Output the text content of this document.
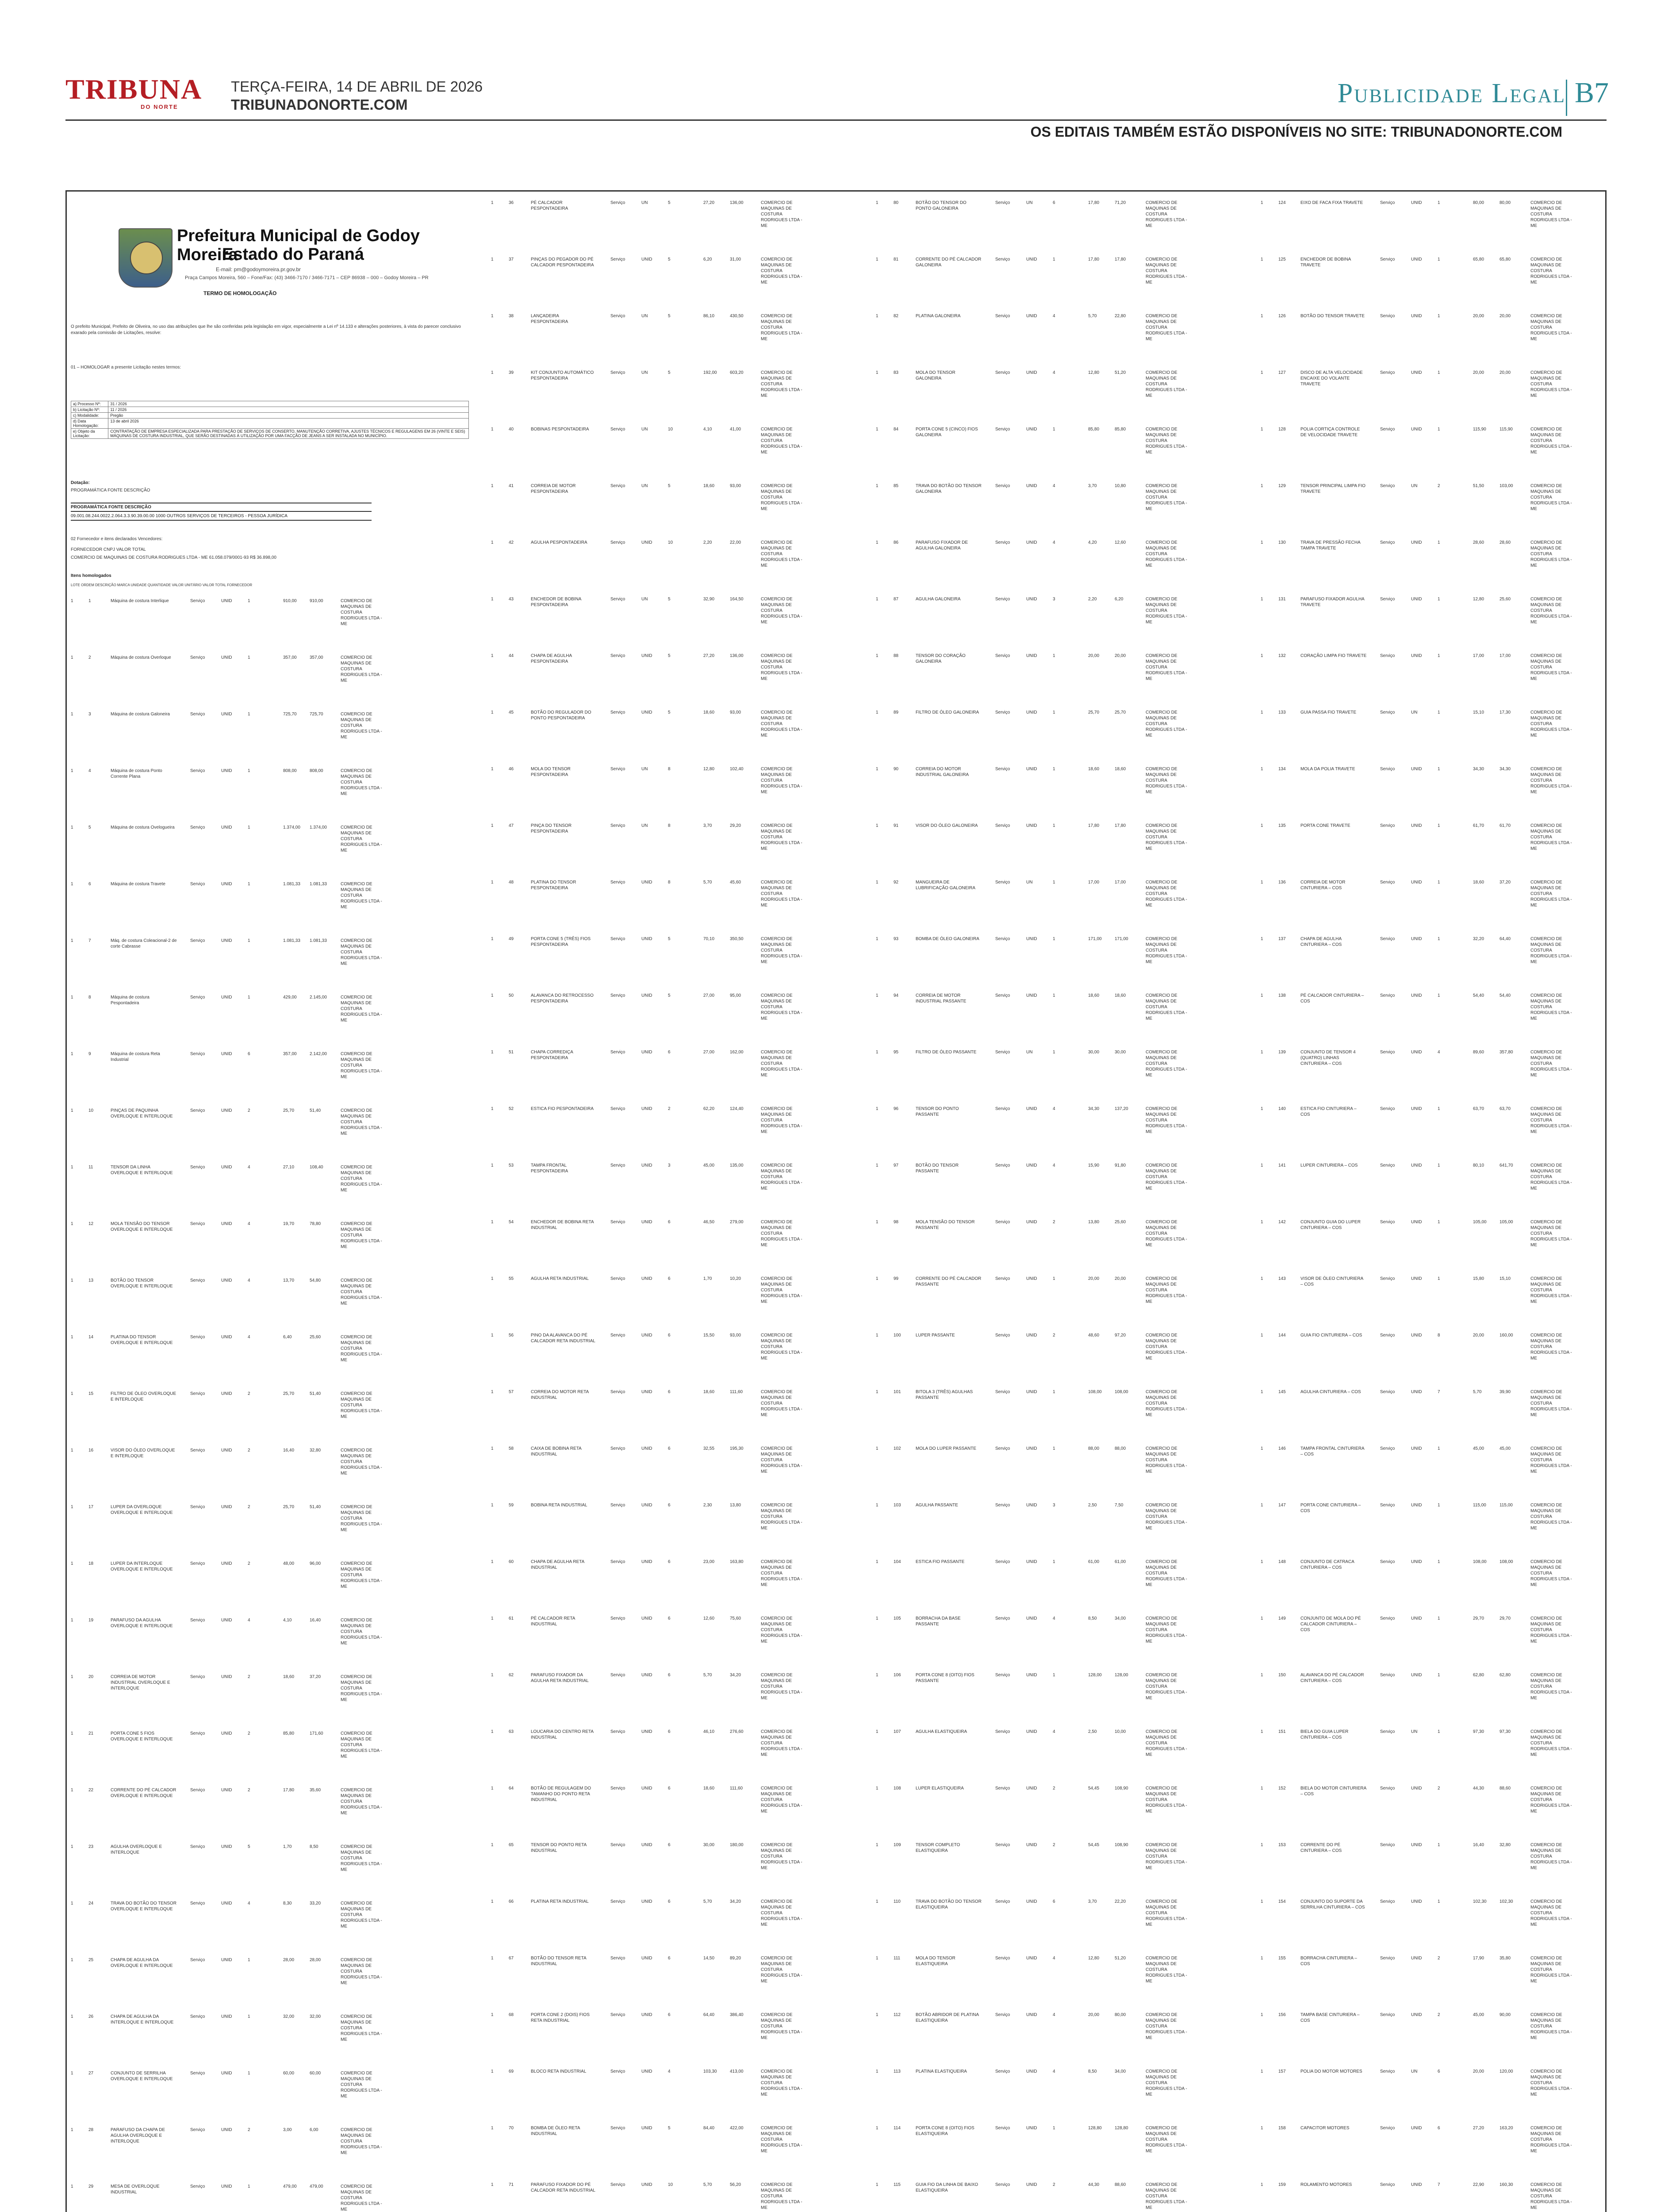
TRIBUNA
DO NORTE
TERÇA-FEIRA, 14 DE ABRIL DE 2026
TRIBUNADONORTE.COM	Publicidade Legal B7
OS EDITAIS TAMBÉM ESTÃO DISPONÍVEIS NO SITE: TRIBUNADONORTE.COM
Prefeitura Municipal de Godoy Moreira
Estado do Paraná
E-mail: pm@godoymoreira.pr.gov.br
Praça Campos Moreira, 560 – Fone/Fax: (43) 3466-7170 / 3466-7171 – CEP 86938 – 000 – Godoy Moreira – PR
TERMO DE HOMOLOGAÇÃO
O prefeito Municipal, Prefeito de Oliveira, no uso das atribuições que lhe são conferidas pela legislação em vigor, especialmente a Lei nº 14.133 e alterações posteriores, à vista do parecer conclusivo exarado pela comissão de Licitações, resolve:
01 – HOMOLOGAR a presente Licitação nestes termos:
a) Processo Nº:	31 / 2026
b) Licitação Nº:	11 / 2026
c) Modalidade:	Pregão
d) Data Homologação:	13 de abril 2026
e) Objeto da Licitação:	CONTRATAÇÃO DE EMPRESA ESPECIALIZADA PARA PRESTAÇÃO DE SERVIÇOS DE CONSERTO, MANUTENÇÃO CORRETIVA, AJUSTES TÉCNICOS E REGULAGENS EM 26 (VINTE E SEIS) MÁQUINAS DE COSTURA INDUSTRIAL, QUE SERÃO DESTINADAS À UTILIZAÇÃO POR UMA FACÇÃO DE JEANS A SER INSTALADA NO MUNICÍPIO.
Dotação:
PROGRAMÁTICA FONTE DESCRIÇÃO
PROGRAMÁTICA FONTE DESCRIÇÃO
09.001.08.244.0022.2.064.3.3.90.39.00.00 1000 OUTROS SERVIÇOS DE TERCEIROS - PESSOA JURÍDICA
02 Fornecedor e itens declarados Vencedores:
FORNECEDOR CNPJ VALOR TOTAL
COMERCIO DE MAQUINAS DE COSTURA RODRIGUES LTDA - ME 61.058.079/0001-93 R$ 36.898,00
Itens homologados
LOTE ORDEM DESCRIÇÃO MARCA UNIDADE QUANTIDADE VALOR UNITÁRIO VALOR TOTAL FORNECEDOR
1	1	Máquina de costura Interlique	Serviço	UNID	1	910,00	910,00	COMERCIO DE MAQUINAS DE COSTURA RODRIGUES LTDA - ME
1	2	Máquina de costura Overloque	Serviço	UNID	1	357,00	357,00	COMERCIO DE MAQUINAS DE COSTURA RODRIGUES LTDA - ME
1	3	Máquina de costura Galoneira	Serviço	UNID	1	725,70	725,70	COMERCIO DE MAQUINAS DE COSTURA RODRIGUES LTDA - ME
1	4	Máquina de costura Ponto Corrente Plana
Serviço	UNID	1	808,00	808,00	COMERCIO DE MAQUINAS DE COSTURA RODRIGUES LTDA - ME
1	5	Máquina de costura Ovelogueira	Serviço	UNID	1	1.374,00	1.374,00	COMERCIO DE MAQUINAS DE COSTURA RODRIGUES LTDA - ME
1	6	Máquina de costura Travete	Serviço	UNID	1	1.081,33	1.081,33	COMERCIO DE MAQUINAS DE COSTURA RODRIGUES LTDA - ME
1	7	Máq. de costura Coleacional-2 de corte Cabrasse
Serviço	UNID	1	1.081,33	1.081,33	COMERCIO DE MAQUINAS DE COSTURA RODRIGUES LTDA - ME
1	8	Máquina de costura Pespontadeira
Serviço	UNID	1	429,00	2.145,00	COMERCIO DE MAQUINAS DE COSTURA RODRIGUES LTDA - ME
1	9	Máquina de costura Reta Industrial
Serviço	UNID	6	357,00	2.142,00	COMERCIO DE MAQUINAS DE COSTURA RODRIGUES LTDA - ME
1	10	PINÇAS DE PAQUINHA OVERLOQUE E INTERLOQUE
Serviço	UNID	2	25,70	51,40	COMERCIO DE MAQUINAS DE COSTURA RODRIGUES LTDA - ME
1	11	TENSOR DA LINHA OVERLOQUE E INTERLOQUE
Serviço	UNID	4	27,10	108,40	COMERCIO DE MAQUINAS DE COSTURA RODRIGUES LTDA - ME
1	12	MOLA TENSÃO DO TENSOR OVERLOQUE E INTERLOQUE
Serviço	UNID	4	19,70	78,80	COMERCIO DE MAQUINAS DE COSTURA RODRIGUES LTDA - ME
1	13	BOTÃO DO TENSOR OVERLOQUE E INTERLOQUE
Serviço	UNID	4	13,70	54,80	COMERCIO DE MAQUINAS DE COSTURA RODRIGUES LTDA - ME
1	14	PLATINA DO TENSOR OVERLOQUE E INTERLOQUE
Serviço	UNID	4	6,40	25,60	COMERCIO DE MAQUINAS DE COSTURA RODRIGUES LTDA - ME
1	15	FILTRO DE ÓLEO OVERLOQUE E INTERLOQUE
Serviço	UNID	2	25,70	51,40	COMERCIO DE MAQUINAS DE COSTURA RODRIGUES LTDA - ME
1	16	VISOR DO ÓLEO OVERLOQUE E INTERLOQUE
Serviço	UNID	2	16,40	32,80	COMERCIO DE MAQUINAS DE COSTURA RODRIGUES LTDA - ME
1	17	LUPER DA OVERLOQUE OVERLOQUE E INTERLOQUE
Serviço	UNID	2	25,70	51,40	COMERCIO DE MAQUINAS DE COSTURA RODRIGUES LTDA - ME
1	18	LUPER DA INTERLOQUE OVERLOQUE E INTERLOQUE
Serviço	UNID	2	48,00	96,00	COMERCIO DE MAQUINAS DE COSTURA RODRIGUES LTDA - ME
1	19	PARAFUSO DA AGULHA OVERLOQUE E INTERLOQUE
Serviço	UNID	4	4,10	16,40	COMERCIO DE MAQUINAS DE COSTURA RODRIGUES LTDA - ME
1	20	CORREIA DE MOTOR INDUSTRIAL OVERLOQUE E INTERLOQUE
Serviço	UNID	2	18,60	37,20	COMERCIO DE MAQUINAS DE COSTURA RODRIGUES LTDA - ME
1	21	PORTA CONE 5 FIOS OVERLOQUE E INTERLOQUE
Serviço	UNID	2	85,80	171,60	COMERCIO DE MAQUINAS DE COSTURA RODRIGUES LTDA - ME
1	22	CORRENTE DO PÉ CALCADOR OVERLOQUE E INTERLOQUE
Serviço	UNID	2	17,80	35,60	COMERCIO DE MAQUINAS DE COSTURA RODRIGUES LTDA - ME
1	23	AGULHA OVERLOQUE E INTERLOQUE
Serviço	UNID	5	1,70	8,50	COMERCIO DE MAQUINAS DE COSTURA RODRIGUES LTDA - ME
1	24	TRAVA DO BOTÃO DO TENSOR OVERLOQUE E INTERLOQUE
Serviço	UNID	4	8,30	33,20	COMERCIO DE MAQUINAS DE COSTURA RODRIGUES LTDA - ME
1	25	CHAPA DE AGULHA DA OVERLOQUE E INTERLOQUE
Serviço	UNID	1	28,00	28,00	COMERCIO DE MAQUINAS DE COSTURA RODRIGUES LTDA - ME
1	26	CHAPA DE AGULHA DA INTERLOQUE E INTERLOQUE
Serviço	UNID	1	32,00	32,00	COMERCIO DE MAQUINAS DE COSTURA RODRIGUES LTDA - ME
1	27	CONJUNTO DE SERRILHA OVERLOQUE E INTERLOQUE
Serviço	UNID	1	60,00	60,00	COMERCIO DE MAQUINAS DE COSTURA RODRIGUES LTDA - ME
1	28	PARAFUSO DA CHAPA DE AGULHA OVERLOQUE E INTERLOQUE
Serviço	UNID	2	3,00	6,00	COMERCIO DE MAQUINAS DE COSTURA RODRIGUES LTDA - ME
1	29	MESA DE OVERLOQUE INDUSTRIAL
Serviço	UNID	1	479,00	479,00	COMERCIO DE MAQUINAS DE COSTURA RODRIGUES LTDA - ME
1	36	PÉ CALCADOR PESPONTADEIRA
Serviço	UN	5	27,20	136,00	COMERCIO DE MAQUINAS DE COSTURA RODRIGUES LTDA - ME
1	37	PINÇAS DO PEGADOR DO PÉ CALCADOR PESPONTADEIRA
Serviço	UNID	5	6,20	31,00	COMERCIO DE MAQUINAS DE COSTURA RODRIGUES LTDA - ME
1	38	LANÇADEIRA PESPONTADEIRA
Serviço	UN	5	86,10	430,50	COMERCIO DE MAQUINAS DE COSTURA RODRIGUES LTDA - ME
1	39	KIT CONJUNTO AUTOMÁTICO PESPONTADEIRA
Serviço	UN	5	192,00	603,20	COMERCIO DE MAQUINAS DE COSTURA RODRIGUES LTDA - ME
1	40	BOBINAS PESPONTADEIRA	Serviço	UN	10	4,10	41,00	COMERCIO DE MAQUINAS DE COSTURA RODRIGUES LTDA - ME
1	41	CORREIA DE MOTOR PESPONTADEIRA
Serviço	UN	5	18,60	93,00	COMERCIO DE MAQUINAS DE COSTURA RODRIGUES LTDA - ME
1	42	AGULHA PESPONTADEIRA	Serviço	UNID	10	2,20	22,00	COMERCIO DE MAQUINAS DE COSTURA RODRIGUES LTDA - ME
1	43	ENCHEDOR DE BOBINA PESPONTADEIRA
Serviço	UN	5	32,90	164,50	COMERCIO DE MAQUINAS DE COSTURA RODRIGUES LTDA - ME
1	44	CHAPA DE AGULHA PESPONTADEIRA
Serviço	UNID	5	27,20	136,00	COMERCIO DE MAQUINAS DE COSTURA RODRIGUES LTDA - ME
1	45	BOTÃO DO REGULADOR DO PONTO PESPONTADEIRA
Serviço	UNID	5	18,60	93,00	COMERCIO DE MAQUINAS DE COSTURA RODRIGUES LTDA - ME
1	46	MOLA DO TENSOR PESPONTADEIRA
Serviço	UN	8	12,80	102,40	COMERCIO DE MAQUINAS DE COSTURA RODRIGUES LTDA - ME
1	47	PINÇA DO TENSOR PESPONTADEIRA
Serviço	UN	8	3,70	29,20	COMERCIO DE MAQUINAS DE COSTURA RODRIGUES LTDA - ME
1	48	PLATINA DO TENSOR PESPONTADEIRA
Serviço	UNID	8	5,70	45,60	COMERCIO DE MAQUINAS DE COSTURA RODRIGUES LTDA - ME
1	49	PORTA CONE 5 (TRÊS) FIOS PESPONTADEIRA
Serviço	UNID	5	70,10	350,50	COMERCIO DE MAQUINAS DE COSTURA RODRIGUES LTDA - ME
1	50	ALAVANCA DO RETROCESSO PESPONTADEIRA
Serviço	UNID	5	27,00	95,00	COMERCIO DE MAQUINAS DE COSTURA RODRIGUES LTDA - ME
1	51	CHAPA CORREDIÇA PESPONTADEIRA
Serviço	UNID	6	27,00	162,00	COMERCIO DE MAQUINAS DE COSTURA RODRIGUES LTDA - ME
1	52	ESTICA FIO PESPONTADEIRA	Serviço	UNID	2	62,20	124,40	COMERCIO DE MAQUINAS DE COSTURA RODRIGUES LTDA - ME
1	53	TAMPA FRONTAL PESPONTADEIRA
Serviço	UNID	3	45,00	135,00	COMERCIO DE MAQUINAS DE COSTURA RODRIGUES LTDA - ME
1	54	ENCHEDOR DE BOBINA RETA INDUSTRIAL
Serviço	UNID	6	46,50	279,00	COMERCIO DE MAQUINAS DE COSTURA RODRIGUES LTDA - ME
1	55	AGULHA RETA INDUSTRIAL	Serviço	UNID	6	1,70	10,20	COMERCIO DE MAQUINAS DE COSTURA RODRIGUES LTDA - ME
1	56	PINO DA ALAVANCA DO PÉ CALCADOR RETA INDUSTRIAL
Serviço	UNID	6	15,50	93,00	COMERCIO DE MAQUINAS DE COSTURA RODRIGUES LTDA - ME
1	57	CORREIA DO MOTOR RETA INDUSTRIAL
Serviço	UNID	6	18,60	111,60	COMERCIO DE MAQUINAS DE COSTURA RODRIGUES LTDA - ME
1	58	CAIXA DE BOBINA RETA INDUSTRIAL
Serviço	UNID	6	32,55	195,30	COMERCIO DE MAQUINAS DE COSTURA RODRIGUES LTDA - ME
1	59	BOBINA RETA INDUSTRIAL	Serviço	UNID	6	2,30	13,80	COMERCIO DE MAQUINAS DE COSTURA RODRIGUES LTDA - ME
1	60	CHAPA DE AGULHA RETA INDUSTRIAL
Serviço	UNID	6	23,00	163,80	COMERCIO DE MAQUINAS DE COSTURA RODRIGUES LTDA - ME
1	61	PÉ CALCADOR RETA INDUSTRIAL
Serviço	UNID	6	12,60	75,60	COMERCIO DE MAQUINAS DE COSTURA RODRIGUES LTDA - ME
1	62	PARAFUSO FIXADOR DA AGULHA RETA INDUSTRIAL
Serviço	UNID	6	5,70	34,20	COMERCIO DE MAQUINAS DE COSTURA RODRIGUES LTDA - ME
1	63	LOUCARIA DO CENTRO RETA INDUSTRIAL
Serviço	UNID	6	46,10	276,60	COMERCIO DE MAQUINAS DE COSTURA RODRIGUES LTDA - ME
1	64	BOTÃO DE REGULAGEM DO TAMANHO DO PONTO RETA INDUSTRIAL
Serviço	UNID	6	18,60	111,60	COMERCIO DE MAQUINAS DE COSTURA RODRIGUES LTDA - ME
1	65	TENSOR DO PONTO RETA INDUSTRIAL
Serviço	UNID	6	30,00	180,00	COMERCIO DE MAQUINAS DE COSTURA RODRIGUES LTDA - ME
1	66	PLATINA RETA INDUSTRIAL	Serviço	UNID	6	5,70	34,20	COMERCIO DE MAQUINAS DE COSTURA RODRIGUES LTDA - ME
1	67	BOTÃO DO TENSOR RETA INDUSTRIAL
Serviço	UNID	6	14,50	89,20	COMERCIO DE MAQUINAS DE COSTURA RODRIGUES LTDA - ME
1	68	PORTA CONE 2 (DOIS) FIOS RETA INDUSTRIAL
Serviço	UNID	6	64,40	386,40	COMERCIO DE MAQUINAS DE COSTURA RODRIGUES LTDA - ME
1	69	BLOCO RETA INDUSTRIAL	Serviço	UNID	4	103,30	413,00	COMERCIO DE MAQUINAS DE COSTURA RODRIGUES LTDA - ME
1	70	BOMBA DE ÓLEO RETA INDUSTRIAL
Serviço	UNID	5	84,40	422,00	COMERCIO DE MAQUINAS DE COSTURA RODRIGUES LTDA - ME
1	71	PARAFUSO FIXADOR DO PÉ CALCADOR RETA INDUSTRIAL
Serviço	UNID	10	5,70	56,20	COMERCIO DE MAQUINAS DE COSTURA RODRIGUES LTDA - ME
1	80	BOTÃO DO TENSOR DO PONTO GALONEIRA
Serviço	UN	6	17,80	71,20	COMERCIO DE MAQUINAS DE COSTURA RODRIGUES LTDA - ME
1	81	CORRENTE DO PÉ CALCADOR GALONEIRA
Serviço	UNID	1	17,80	17,80	COMERCIO DE MAQUINAS DE COSTURA RODRIGUES LTDA - ME
1	82	PLATINA GALONEIRA	Serviço	UNID	4	5,70	22,80	COMERCIO DE MAQUINAS DE COSTURA RODRIGUES LTDA - ME
1	83	MOLA DO TENSOR GALONEIRA
Serviço	UNID	4	12,80	51,20	COMERCIO DE MAQUINAS DE COSTURA RODRIGUES LTDA - ME
1	84	PORTA CONE 5 (CINCO) FIOS GALONEIRA
Serviço	UNID	1	85,80	85,80	COMERCIO DE MAQUINAS DE COSTURA RODRIGUES LTDA - ME
1	85	TRAVA DO BOTÃO DO TENSOR GALONEIRA
Serviço	UNID	4	3,70	10,80	COMERCIO DE MAQUINAS DE COSTURA RODRIGUES LTDA - ME
1	86	PARAFUSO FIXADOR DE AGULHA GALONEIRA
Serviço	UNID	4	4,20	12,60	COMERCIO DE MAQUINAS DE COSTURA RODRIGUES LTDA - ME
1	87	AGULHA GALONEIRA	Serviço	UNID	3	2,20	6,20	COMERCIO DE MAQUINAS DE COSTURA RODRIGUES LTDA - ME
1	88	TENSOR DO CORAÇÃO GALONEIRA
Serviço	UNID	1	20,00	20,00	COMERCIO DE MAQUINAS DE COSTURA RODRIGUES LTDA - ME
1	89	FILTRO DE ÓLEO GALONEIRA	Serviço	UNID	1	25,70	25,70	COMERCIO DE MAQUINAS DE COSTURA RODRIGUES LTDA - ME
1	90	CORREIA DO MOTOR INDUSTRIAL GALONEIRA
Serviço	UNID	1	18,60	18,60	COMERCIO DE MAQUINAS DE COSTURA RODRIGUES LTDA - ME
1	91	VISOR DO ÓLEO GALONEIRA	Serviço	UNID	1	17,80	17,80	COMERCIO DE MAQUINAS DE COSTURA RODRIGUES LTDA - ME
1	92	MANGUEIRA DE LUBRIFICAÇÃO GALONEIRA
Serviço	UN	1	17,00	17,00	COMERCIO DE MAQUINAS DE COSTURA RODRIGUES LTDA - ME
1	93	BOMBA DE ÓLEO GALONEIRA	Serviço	UNID	1	171,00	171,00	COMERCIO DE MAQUINAS DE COSTURA RODRIGUES LTDA - ME
1	94	CORREIA DE MOTOR INDUSTRIAL PASSANTE
Serviço	UNID	1	18,60	18,60	COMERCIO DE MAQUINAS DE COSTURA RODRIGUES LTDA - ME
1	95	FILTRO DE ÓLEO PASSANTE	Serviço	UN	1	30,00	30,00	COMERCIO DE MAQUINAS DE COSTURA RODRIGUES LTDA - ME
1	96	TENSOR DO PONTO PASSANTE
Serviço	UNID	4	34,30	137,20	COMERCIO DE MAQUINAS DE COSTURA RODRIGUES LTDA - ME
1	97	BOTÃO DO TENSOR PASSANTE
Serviço	UNID	4	15,90	91,80	COMERCIO DE MAQUINAS DE COSTURA RODRIGUES LTDA - ME
1	98	MOLA TENSÃO DO TENSOR PASSANTE
Serviço	UNID	2	13,80	25,60	COMERCIO DE MAQUINAS DE COSTURA RODRIGUES LTDA - ME
1	99	CORRENTE DO PÉ CALCADOR PASSANTE
Serviço	UNID	1	20,00	20,00	COMERCIO DE MAQUINAS DE COSTURA RODRIGUES LTDA - ME
1	100	LUPER PASSANTE	Serviço	UNID	2	48,60	97,20	COMERCIO DE MAQUINAS DE COSTURA RODRIGUES LTDA - ME
1	101	BITOLA 3 (TRÊS) AGULHAS PASSANTE
Serviço	UNID	1	108,00	108,00	COMERCIO DE MAQUINAS DE COSTURA RODRIGUES LTDA - ME
1	102	MOLA DO LUPER PASSANTE	Serviço	UNID	1	88,00	88,00	COMERCIO DE MAQUINAS DE COSTURA RODRIGUES LTDA - ME
1	103	AGULHA PASSANTE	Serviço	UNID	3	2,50	7,50	COMERCIO DE MAQUINAS DE COSTURA RODRIGUES LTDA - ME
1	104	ESTICA FIO PASSANTE	Serviço	UNID	1	61,00	61,00	COMERCIO DE MAQUINAS DE COSTURA RODRIGUES LTDA - ME
1	105	BORRACHA DA BASE PASSANTE
Serviço	UNID	4	8,50	34,00	COMERCIO DE MAQUINAS DE COSTURA RODRIGUES LTDA - ME
1	106	PORTA CONE 8 (OITO) FIOS PASSANTE
Serviço	UNID	1	128,00	128,00	COMERCIO DE MAQUINAS DE COSTURA RODRIGUES LTDA - ME
1	107	AGULHA ELASTIQUEIRA	Serviço	UNID	4	2,50	10,00	COMERCIO DE MAQUINAS DE COSTURA RODRIGUES LTDA - ME
1	108	LUPER ELASTIQUEIRA	Serviço	UNID	2	54,45	108,90	COMERCIO DE MAQUINAS DE COSTURA RODRIGUES LTDA - ME
1	109	TENSOR COMPLETO ELASTIQUEIRA
Serviço	UNID	2	54,45	108,90	COMERCIO DE MAQUINAS DE COSTURA RODRIGUES LTDA - ME
1	110	TRAVA DO BOTÃO DO TENSOR ELASTIQUEIRA
Serviço	UNID	6	3,70	22,20	COMERCIO DE MAQUINAS DE COSTURA RODRIGUES LTDA - ME
1	111	MOLA DO TENSOR ELASTIQUEIRA
Serviço	UNID	4	12,80	51,20	COMERCIO DE MAQUINAS DE COSTURA RODRIGUES LTDA - ME
1	112	BOTÃO ABRIDOR DE PLATINA ELASTIQUEIRA
Serviço	UNID	4	20,00	80,00	COMERCIO DE MAQUINAS DE COSTURA RODRIGUES LTDA - ME
1	113	PLATINA ELASTIQUEIRA	Serviço	UNID	4	8,50	34,00	COMERCIO DE MAQUINAS DE COSTURA RODRIGUES LTDA - ME
1	114	PORTA CONE 8 (OITO) FIOS ELASTIQUEIRA
Serviço	UNID	1	128,80	128,80	COMERCIO DE MAQUINAS DE COSTURA RODRIGUES LTDA - ME
1	115	GUIA FIO DA LINHA DE BAIXO ELASTIQUEIRA
Serviço	UNID	2	44,30	88,60	COMERCIO DE MAQUINAS DE COSTURA RODRIGUES LTDA - ME
1	124	EIXO DE FACA FIXA TRAVETE	Serviço	UNID	1	80,00	80,00	COMERCIO DE MAQUINAS DE COSTURA RODRIGUES LTDA - ME
1	125	ENCHEDOR DE BOBINA TRAVETE
Serviço	UNID	1	65,80	65,80	COMERCIO DE MAQUINAS DE COSTURA RODRIGUES LTDA - ME
1	126	BOTÃO DO TENSOR TRAVETE	Serviço	UNID	1	20,00	20,00	COMERCIO DE MAQUINAS DE COSTURA RODRIGUES LTDA - ME
1	127	DISCO DE ALTA VELOCIDADE ENCAIXE DO VOLANTE TRAVETE
Serviço	UNID	1	20,00	20,00	COMERCIO DE MAQUINAS DE COSTURA RODRIGUES LTDA - ME
1	128	POLIA CORTIÇA CONTROLE DE VELOCIDADE TRAVETE
Serviço	UNID	1	115,90	115,90	COMERCIO DE MAQUINAS DE COSTURA RODRIGUES LTDA - ME
1	129	TENSOR PRINCIPAL LIMPA FIO TRAVETE
Serviço	UN	2	51,50	103,00	COMERCIO DE MAQUINAS DE COSTURA RODRIGUES LTDA - ME
1	130	TRAVA DE PRESSÃO FECHA TAMPA TRAVETE
Serviço	UNID	1	28,60	28,60	COMERCIO DE MAQUINAS DE COSTURA RODRIGUES LTDA - ME
1	131	PARAFUSO FIXADOR AGULHA TRAVETE
Serviço	UNID	1	12,80	25,60	COMERCIO DE MAQUINAS DE COSTURA RODRIGUES LTDA - ME
1	132	CORAÇÃO LIMPA FIO TRAVETE	Serviço	UNID	1	17,00	17,00	COMERCIO DE MAQUINAS DE COSTURA RODRIGUES LTDA - ME
1	133	GUIA PASSA FIO TRAVETE	Serviço	UN	1	15,10	17,30	COMERCIO DE MAQUINAS DE COSTURA RODRIGUES LTDA - ME
1	134	MOLA DA POLIA TRAVETE	Serviço	UNID	1	34,30	34,30	COMERCIO DE MAQUINAS DE COSTURA RODRIGUES LTDA - ME
1	135	PORTA CONE TRAVETE	Serviço	UNID	1	61,70	61,70	COMERCIO DE MAQUINAS DE COSTURA RODRIGUES LTDA - ME
1	136	CORREIA DE MOTOR CINTURIERA – COS
Serviço	UNID	1	18,60	37,20	COMERCIO DE MAQUINAS DE COSTURA RODRIGUES LTDA - ME
1	137	CHAPA DE AGULHA CINTURIERA – COS
Serviço	UNID	1	32,20	64,40	COMERCIO DE MAQUINAS DE COSTURA RODRIGUES LTDA - ME
1	138	PÉ CALCADOR CINTURIERA – COS
Serviço	UNID	1	54,40	54,40	COMERCIO DE MAQUINAS DE COSTURA RODRIGUES LTDA - ME
1	139	CONJUNTO DE TENSOR 4 (QUATRO) LINHAS CINTURIERA – COS
Serviço	UNID	4	89,60	357,80	COMERCIO DE MAQUINAS DE COSTURA RODRIGUES LTDA - ME
1	140	ESTICA FIO CINTURIERA – COS
Serviço	UNID	1	63,70	63,70	COMERCIO DE MAQUINAS DE COSTURA RODRIGUES LTDA - ME
1	141	LUPER CINTURIERA – COS	Serviço	UNID	1	80,10	641,70	COMERCIO DE MAQUINAS DE COSTURA RODRIGUES LTDA - ME
1	142	CONJUNTO GUIA DO LUPER CINTURIERA – COS
Serviço	UNID	1	105,00	105,00	COMERCIO DE MAQUINAS DE COSTURA RODRIGUES LTDA - ME
1	143	VISOR DE ÓLEO CINTURIERA – COS
Serviço	UNID	1	15,80	15,10	COMERCIO DE MAQUINAS DE COSTURA RODRIGUES LTDA - ME
1	144	GUIA FIO CINTURIERA – COS	Serviço	UNID	8	20,00	160,00	COMERCIO DE MAQUINAS DE COSTURA RODRIGUES LTDA - ME
1	145	AGULHA CINTURIERA – COS	Serviço	UNID	7	5,70	39,90	COMERCIO DE MAQUINAS DE COSTURA RODRIGUES LTDA - ME
1	146	TAMPA FRONTAL CINTURIERA – COS
Serviço	UNID	1	45,00	45,00	COMERCIO DE MAQUINAS DE COSTURA RODRIGUES LTDA - ME
1	147	PORTA CONE CINTURIERA – COS
Serviço	UNID	1	115,00	115,00	COMERCIO DE MAQUINAS DE COSTURA RODRIGUES LTDA - ME
1	148	CONJUNTO DE CATRACA CINTURIERA – COS
Serviço	UNID	1	108,00	108,00	COMERCIO DE MAQUINAS DE COSTURA RODRIGUES LTDA - ME
1	149	CONJUNTO DE MOLA DO PÉ CALCADOR CINTURIERA – COS
Serviço	UNID	1	29,70	29,70	COMERCIO DE MAQUINAS DE COSTURA RODRIGUES LTDA - ME
1	150	ALAVANCA DO PÉ CALCADOR CINTURIERA – COS
Serviço	UNID	1	62,80	62,80	COMERCIO DE MAQUINAS DE COSTURA RODRIGUES LTDA - ME
1	151	BIELA DO GUIA LUPER CINTURIERA – COS
Serviço	UN	1	97,30	97,30	COMERCIO DE MAQUINAS DE COSTURA RODRIGUES LTDA - ME
1	152	BIELA DO MOTOR CINTURIERA – COS
Serviço	UNID	2	44,30	88,60	COMERCIO DE MAQUINAS DE COSTURA RODRIGUES LTDA - ME
1	153	CORRENTE DO PÉ CINTURIERA – COS
Serviço	UNID	1	16,40	32,80	COMERCIO DE MAQUINAS DE COSTURA RODRIGUES LTDA - ME
1	154	CONJUNTO DO SUPORTE DA SERRILHA CINTURIERA – COS
Serviço	UNID	1	102,30	102,30	COMERCIO DE MAQUINAS DE COSTURA RODRIGUES LTDA - ME
1	155	BORRACHA CINTURIERA – COS
Serviço	UNID	2	17,90	35,80	COMERCIO DE MAQUINAS DE COSTURA RODRIGUES LTDA - ME
1	156	TAMPA BASE CINTURIERA – COS
Serviço	UNID	2	45,00	90,00	COMERCIO DE MAQUINAS DE COSTURA RODRIGUES LTDA - ME
1	157	POLIA DO MOTOR MOTORES	Serviço	UN	6	20,00	120,00	COMERCIO DE MAQUINAS DE COSTURA RODRIGUES LTDA - ME
1	158	CAPACITOR MOTORES	Serviço	UNID	6	27,20	163,20	COMERCIO DE MAQUINAS DE COSTURA RODRIGUES LTDA - ME
1	159	ROLAMENTO MOTORES	Serviço	UNID	7	22,90	160,30	COMERCIO DE MAQUINAS DE COSTURA RODRIGUES LTDA - ME
